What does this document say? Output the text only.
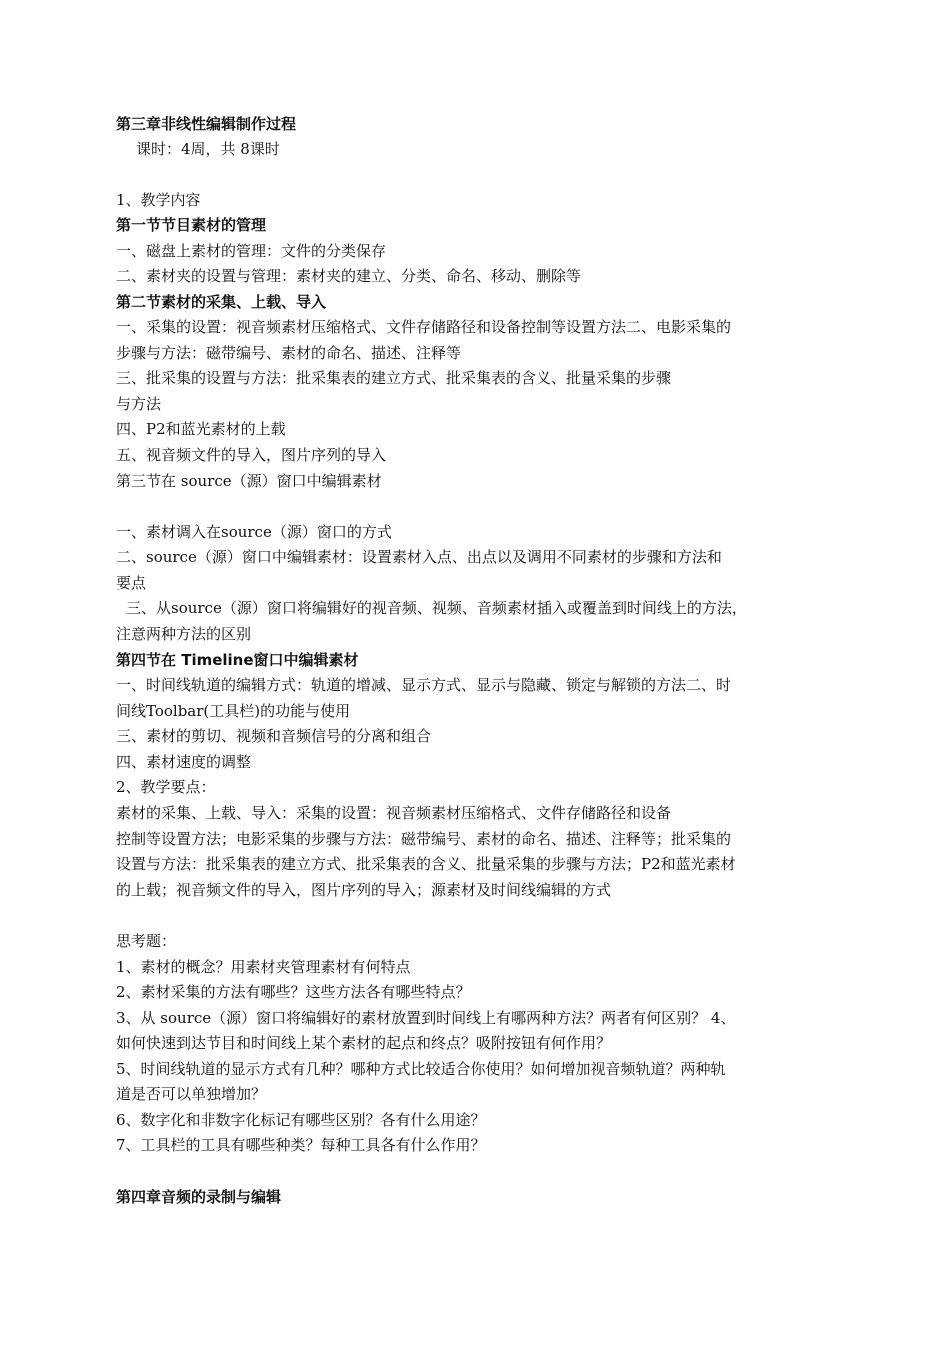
第三章非线性编辑制作过程
课时：4周，共 8课时
1、教学内容
第一节节目素材的管理
一、磁盘上素材的管理：文件的分类保存
二、素材夹的设置与管理：素材夹的建立、分类、命名、移动、删除等
第二节素材的采集、上载、导入
一、采集的设置：视音频素材压缩格式、文件存储路径和设备控制等设置方法二、电影采集的
步骤与方法：磁带编号、素材的命名、描述、注释等
三、批采集的设置与方法：批采集表的建立方式、批采集表的含义、批量采集的步骤
与方法
四、P2和蓝光素材的上载
五、视音频文件的导入，图片序列的导入
第三节在 source（源）窗口中编辑素材
一、素材调入在source（源）窗口的方式
二、source（源）窗口中编辑素材：设置素材入点、出点以及调用不同素材的步骤和方法和
要点
三、从source（源）窗口将编辑好的视音频、视频、音频素材插入或覆盖到时间线上的方法，
注意两种方法的区别
第四节在 Timeline窗口中编辑素材
一、时间线轨道的编辑方式：轨道的增减、显示方式、显示与隐藏、锁定与解锁的方法二、时
间线Toolbar(工具栏)的功能与使用
三、素材的剪切、视频和音频信号的分离和组合
四、素材速度的调整
2、教学要点：
素材的采集、上载、导入：采集的设置：视音频素材压缩格式、文件存储路径和设备
控制等设置方法；电影采集的步骤与方法：磁带编号、素材的命名、描述、注释等；批采集的
设置与方法：批采集表的建立方式、批采集表的含义、批量采集的步骤与方法；P2和蓝光素材
的上载；视音频文件的导入，图片序列的导入；源素材及时间线编辑的方式
思考题：
1、素材的概念？用素材夹管理素材有何特点
2、素材采集的方法有哪些？这些方法各有哪些特点？
3、从 source（源）窗口将编辑好的素材放置到时间线上有哪两种方法？两者有何区别？ 4、
如何快速到达节目和时间线上某个素材的起点和终点？吸附按钮有何作用？
5、时间线轨道的显示方式有几种？哪种方式比较适合你使用？如何增加视音频轨道？两种轨
道是否可以单独增加？
6、数字化和非数字化标记有哪些区别？各有什么用途？
7、工具栏的工具有哪些种类？每种工具各有什么作用？
第四章音频的录制与编辑
